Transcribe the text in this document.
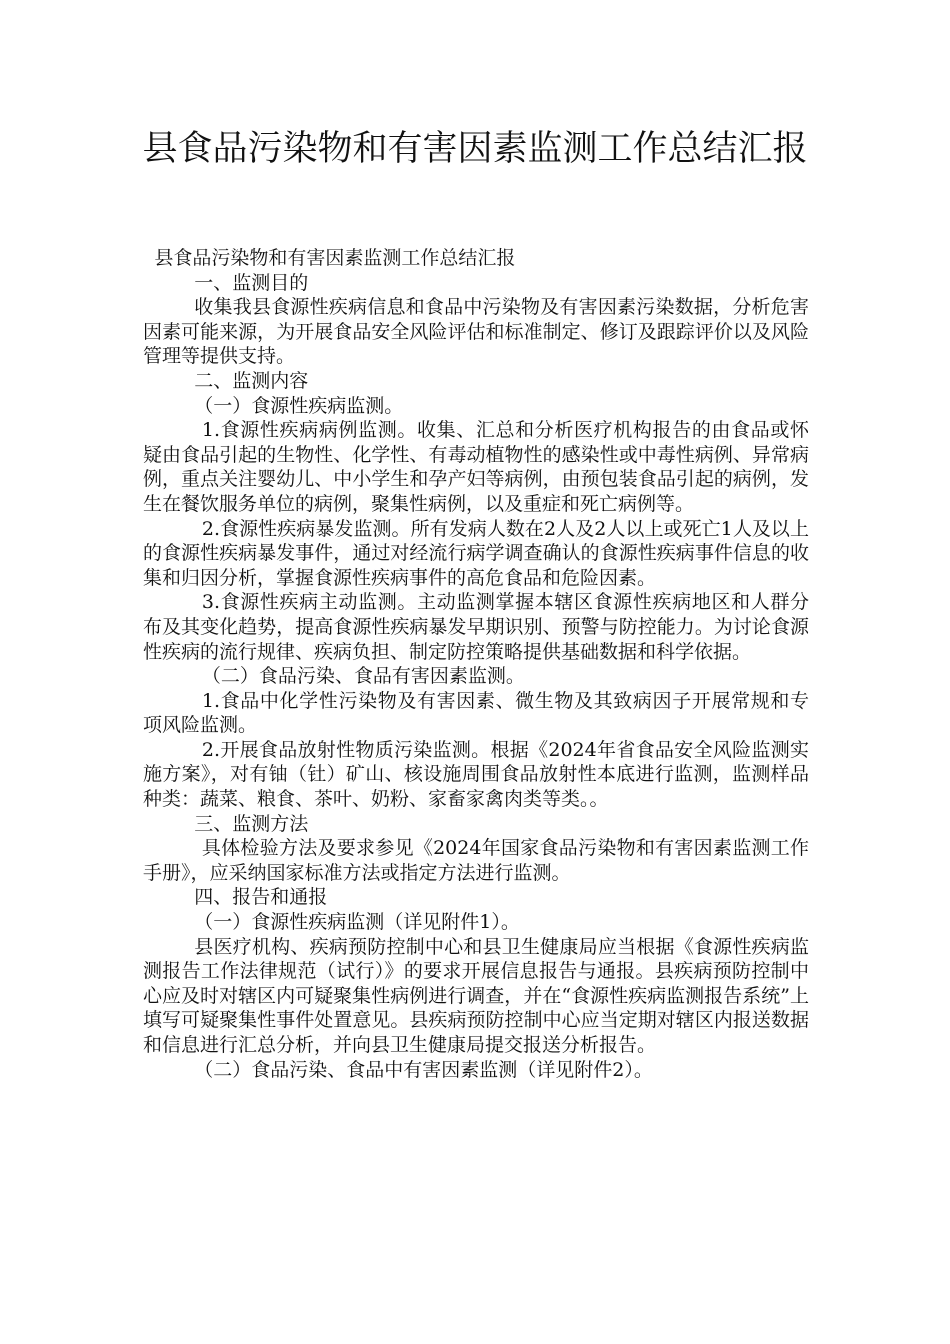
县食品污染物和有害因素监测工作总结汇报

县食品污染物和有害因素监测工作总结汇报

一、监测目的

收集我县食源性疾病信息和食品中污染物及有害因素污染数据，分析危害因素可能来源，为开展食品安全风险评估和标准制定、修订及跟踪评价以及风险管理等提供支持。

二、监测内容

（一）食源性疾病监测。

1.食源性疾病病例监测。收集、汇总和分析医疗机构报告的由食品或怀疑由食品引起的生物性、化学性、有毒动植物性的感染性或中毒性病例、异常病例，重点关注婴幼儿、中小学生和孕产妇等病例，由预包装食品引起的病例，发生在餐饮服务单位的病例，聚集性病例，以及重症和死亡病例等。

2.食源性疾病暴发监测。所有发病人数在2人及2人以上或死亡1人及以上的食源性疾病暴发事件，通过对经流行病学调查确认的食源性疾病事件信息的收集和归因分析，掌握食源性疾病事件的高危食品和危险因素。

3.食源性疾病主动监测。主动监测掌握本辖区食源性疾病地区和人群分布及其变化趋势，提高食源性疾病暴发早期识别、预警与防控能力。为讨论食源性疾病的流行规律、疾病负担、制定防控策略提供基础数据和科学依据。

（二）食品污染、食品有害因素监测。

1.食品中化学性污染物及有害因素、微生物及其致病因子开展常规和专项风险监测。

2.开展食品放射性物质污染监测。根据《2024年省食品安全风险监测实施方案》，对有铀（钍）矿山、核设施周围食品放射性本底进行监测，监测样品种类：蔬菜、粮食、茶叶、奶粉、家畜家禽肉类等类。。

三、监测方法

具体检验方法及要求参见《2024年国家食品污染物和有害因素监测工作手册》，应采纳国家标准方法或指定方法进行监测。

四、报告和通报

（一）食源性疾病监测（详见附件1）。

县医疗机构、疾病预防控制中心和县卫生健康局应当根据《食源性疾病监测报告工作法律规范（试行）》的要求开展信息报告与通报。县疾病预防控制中心应及时对辖区内可疑聚集性病例进行调查，并在“食源性疾病监测报告系统”上填写可疑聚集性事件处置意见。县疾病预防控制中心应当定期对辖区内报送数据和信息进行汇总分析，并向县卫生健康局提交报送分析报告。

（二）食品污染、食品中有害因素监测（详见附件2）。
